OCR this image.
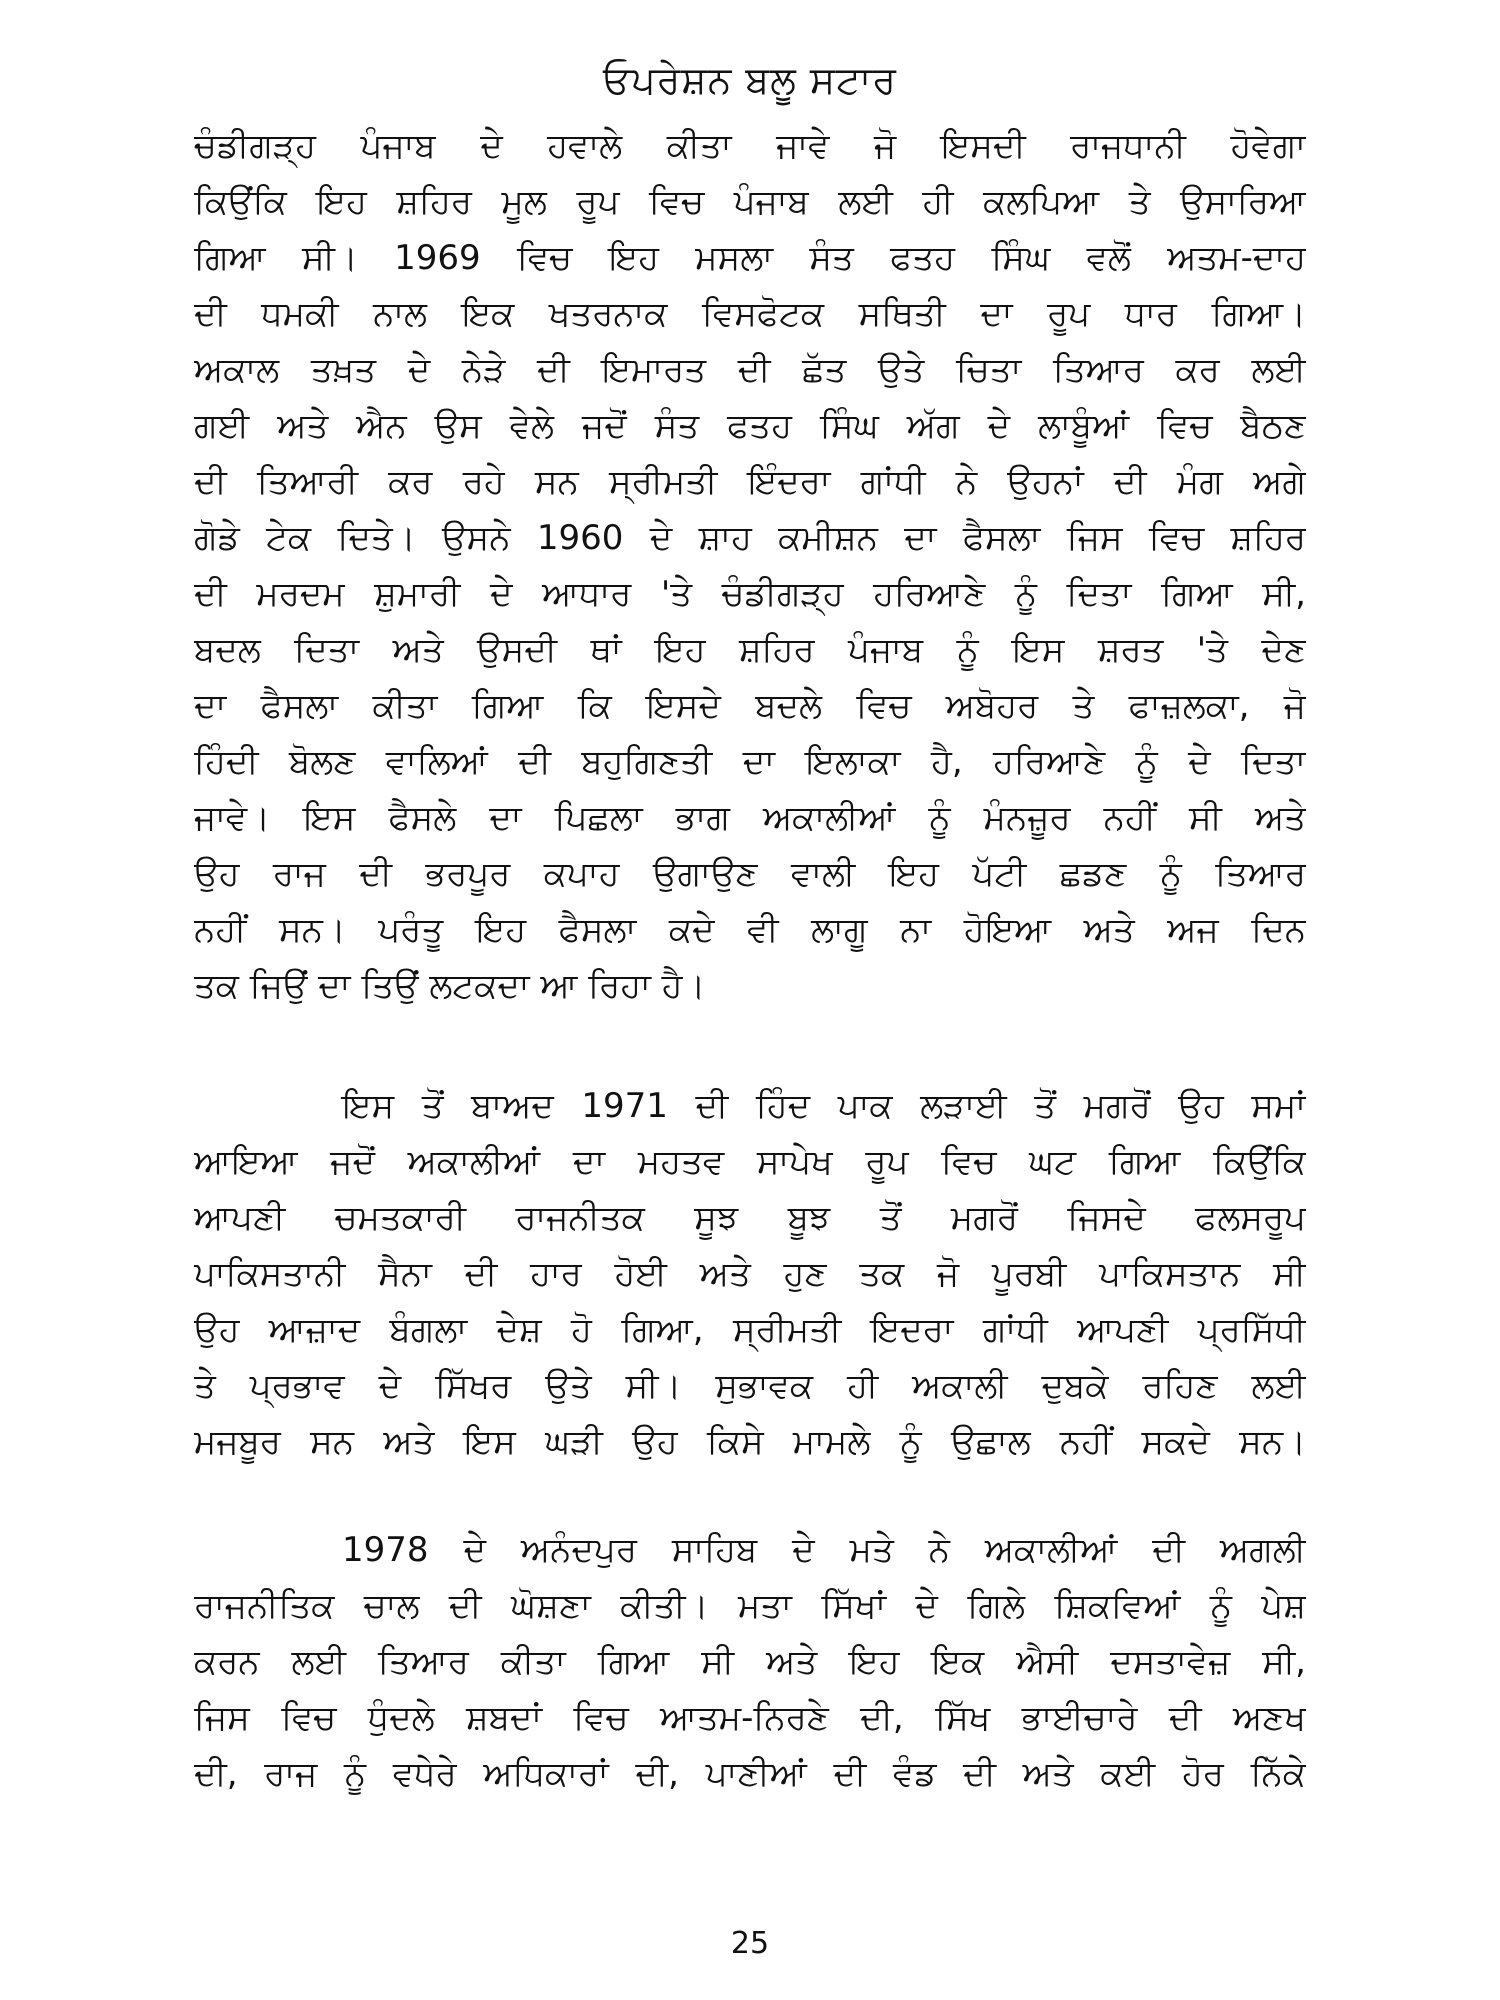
ਓਪਰੇਸ਼ਨ ਬਲੂ ਸਟਾਰ
ਚੰਡੀਗੜ੍ਹ ਪੰਜਾਬ ਦੇ ਹਵਾਲੇ ਕੀਤਾ ਜਾਵੇ ਜੋ ਇਸਦੀ ਰਾਜਧਾਨੀ ਹੋਵੇਗਾ
ਕਿਉਂਕਿ ਇਹ ਸ਼ਹਿਰ ਮੂਲ ਰੂਪ ਵਿਚ ਪੰਜਾਬ ਲਈ ਹੀ ਕਲਪਿਆ ਤੇ ਉਸਾਰਿਆ
ਗਿਆ ਸੀ। 1969 ਵਿਚ ਇਹ ਮਸਲਾ ਸੰਤ ਫਤਹ ਸਿੰਘ ਵਲੋਂ ਅਤਮ-ਦਾਹ
ਦੀ ਧਮਕੀ ਨਾਲ ਇਕ ਖਤਰਨਾਕ ਵਿਸਫੋਟਕ ਸਥਿਤੀ ਦਾ ਰੂਪ ਧਾਰ ਗਿਆ।
ਅਕਾਲ ਤਖ਼ਤ ਦੇ ਨੇੜੇ ਦੀ ਇਮਾਰਤ ਦੀ ਛੱਤ ਉਤੇ ਚਿਤਾ ਤਿਆਰ ਕਰ ਲਈ
ਗਈ ਅਤੇ ਐਨ ਉਸ ਵੇਲੇ ਜਦੋਂ ਸੰਤ ਫਤਹ ਸਿੰਘ ਅੱਗ ਦੇ ਲਾਬੂੰਆਂ ਵਿਚ ਬੈਠਣ
ਦੀ ਤਿਆਰੀ ਕਰ ਰਹੇ ਸਨ ਸ੍ਰੀਮਤੀ ਇੰਦਰਾ ਗਾਂਧੀ ਨੇ ਉਹਨਾਂ ਦੀ ਮੰਗ ਅਗੇ
ਗੋਡੇ ਟੇਕ ਦਿਤੇ। ਉਸਨੇ 1960 ਦੇ ਸ਼ਾਹ ਕਮੀਸ਼ਨ ਦਾ ਫੈਸਲਾ ਜਿਸ ਵਿਚ ਸ਼ਹਿਰ
ਦੀ ਮਰਦਮ ਸ਼ੁਮਾਰੀ ਦੇ ਆਧਾਰ 'ਤੇ ਚੰਡੀਗੜ੍ਹ ਹਰਿਆਣੇ ਨੂੰ ਦਿਤਾ ਗਿਆ ਸੀ,
ਬਦਲ ਦਿਤਾ ਅਤੇ ਉਸਦੀ ਥਾਂ ਇਹ ਸ਼ਹਿਰ ਪੰਜਾਬ ਨੂੰ ਇਸ ਸ਼ਰਤ 'ਤੇ ਦੇਣ
ਦਾ ਫੈਸਲਾ ਕੀਤਾ ਗਿਆ ਕਿ ਇਸਦੇ ਬਦਲੇ ਵਿਚ ਅਬੋਹਰ ਤੇ ਫਾਜ਼ਲਕਾ, ਜੋ
ਹਿੰਦੀ ਬੋਲਣ ਵਾਲਿਆਂ ਦੀ ਬਹੁਗਿਣਤੀ ਦਾ ਇਲਾਕਾ ਹੈ, ਹਰਿਆਣੇ ਨੂੰ ਦੇ ਦਿਤਾ
ਜਾਵੇ। ਇਸ ਫੈਸਲੇ ਦਾ ਪਿਛਲਾ ਭਾਗ ਅਕਾਲੀਆਂ ਨੂੰ ਮੰਨਜ਼ੂਰ ਨਹੀਂ ਸੀ ਅਤੇ
ਉਹ ਰਾਜ ਦੀ ਭਰਪੂਰ ਕਪਾਹ ਉਗਾਉਣ ਵਾਲੀ ਇਹ ਪੱਟੀ ਛਡਣ ਨੂੰ ਤਿਆਰ
ਨਹੀਂ ਸਨ। ਪਰੰਤੂ ਇਹ ਫੈਸਲਾ ਕਦੇ ਵੀ ਲਾਗੂ ਨਾ ਹੋਇਆ ਅਤੇ ਅਜ ਦਿਨ
ਤਕ ਜਿਉਂ ਦਾ ਤਿਉਂ ਲਟਕਦਾ ਆ ਰਿਹਾ ਹੈ।
ਇਸ ਤੋਂ ਬਾਅਦ 1971 ਦੀ ਹਿੰਦ ਪਾਕ ਲੜਾਈ ਤੋਂ ਮਗਰੋਂ ਉਹ ਸਮਾਂ
ਆਇਆ ਜਦੋਂ ਅਕਾਲੀਆਂ ਦਾ ਮਹਤਵ ਸਾਪੇਖ ਰੂਪ ਵਿਚ ਘਟ ਗਿਆ ਕਿਉਂਕਿ
ਆਪਣੀ ਚਮਤਕਾਰੀ ਰਾਜਨੀਤਕ ਸੂਝ ਬੂਝ ਤੋਂ ਮਗਰੋਂ ਜਿਸਦੇ ਫਲਸਰੂਪ
ਪਾਕਿਸਤਾਨੀ ਸੈਨਾ ਦੀ ਹਾਰ ਹੋਈ ਅਤੇ ਹੁਣ ਤਕ ਜੋ ਪੂਰਬੀ ਪਾਕਿਸਤਾਨ ਸੀ
ਉਹ ਆਜ਼ਾਦ ਬੰਗਲਾ ਦੇਸ਼ ਹੋ ਗਿਆ, ਸ੍ਰੀਮਤੀ ਇਦਰਾ ਗਾਂਧੀ ਆਪਣੀ ਪ੍ਰਸਿੱਧੀ
ਤੇ ਪ੍ਰਭਾਵ ਦੇ ਸਿੱਖਰ ਉਤੇ ਸੀ। ਸੁਭਾਵਕ ਹੀ ਅਕਾਲੀ ਦੁਬਕੇ ਰਹਿਣ ਲਈ
ਮਜਬੂਰ ਸਨ ਅਤੇ ਇਸ ਘੜੀ ਉਹ ਕਿਸੇ ਮਾਮਲੇ ਨੂੰ ਉਛਾਲ ਨਹੀਂ ਸਕਦੇ ਸਨ।
1978 ਦੇ ਅਨੰਦਪੁਰ ਸਾਹਿਬ ਦੇ ਮਤੇ ਨੇ ਅਕਾਲੀਆਂ ਦੀ ਅਗਲੀ
ਰਾਜਨੀਤਿਕ ਚਾਲ ਦੀ ਘੋਸ਼ਣਾ ਕੀਤੀ। ਮਤਾ ਸਿੱਖਾਂ ਦੇ ਗਿਲੇ ਸ਼ਿਕਵਿਆਂ ਨੂੰ ਪੇਸ਼
ਕਰਨ ਲਈ ਤਿਆਰ ਕੀਤਾ ਗਿਆ ਸੀ ਅਤੇ ਇਹ ਇਕ ਐਸੀ ਦਸਤਾਵੇਜ਼ ਸੀ,
ਜਿਸ ਵਿਚ ਧੁੰਦਲੇ ਸ਼ਬਦਾਂ ਵਿਚ ਆਤਮ-ਨਿਰਣੇ ਦੀ, ਸਿੱਖ ਭਾਈਚਾਰੇ ਦੀ ਅਣਖ
ਦੀ, ਰਾਜ ਨੂੰ ਵਧੇਰੇ ਅਧਿਕਾਰਾਂ ਦੀ, ਪਾਣੀਆਂ ਦੀ ਵੰਡ ਦੀ ਅਤੇ ਕਈ ਹੋਰ ਨਿੱਕੇ
25
